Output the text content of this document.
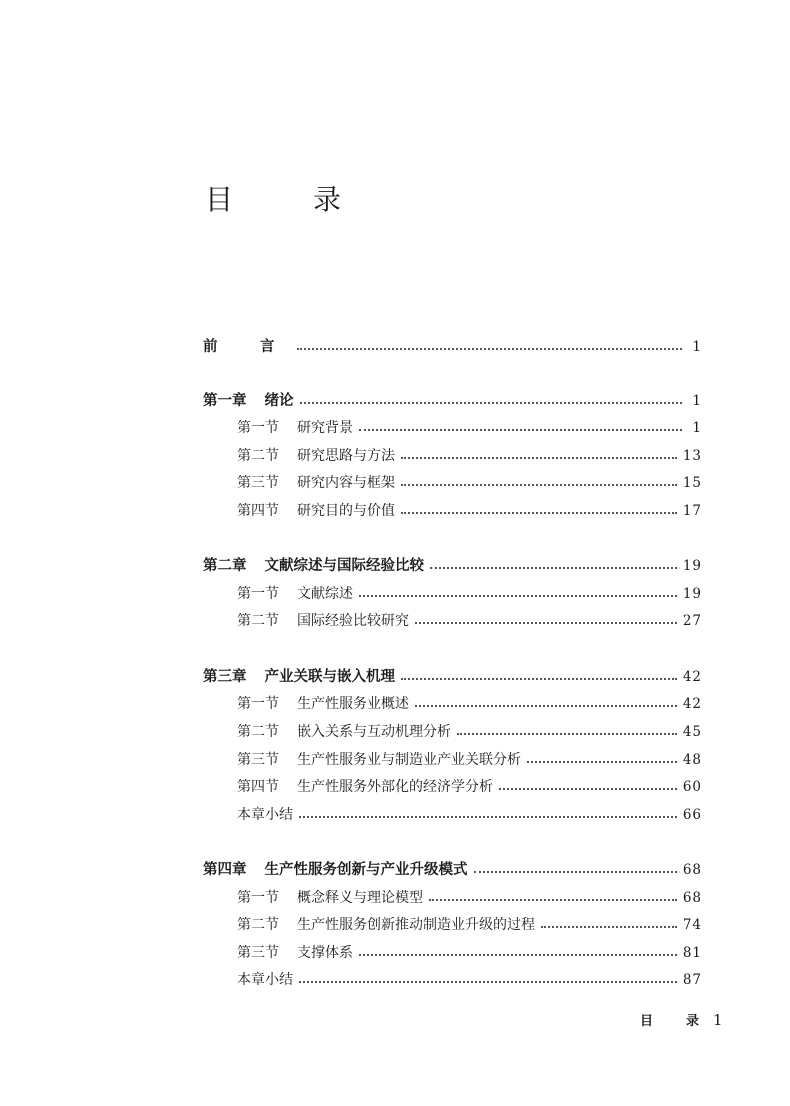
目　录
前　言	1
第一章 绪论	1
第一节 研究背景	1
第二节 研究思路与方法	13
第三节 研究内容与框架	15
第四节 研究目的与价值	17
第二章 文献综述与国际经验比较	19
第一节 文献综述	19
第二节 国际经验比较研究	27
第三章 产业关联与嵌入机理	42
第一节 生产性服务业概述	42
第二节 嵌入关系与互动机理分析	45
第三节 生产性服务业与制造业产业关联分析	48
第四节 生产性服务外部化的经济学分析	60
本章小结	66
第四章 生产性服务创新与产业升级模式	68
第一节 概念释义与理论模型	68
第二节 生产性服务创新推动制造业升级的过程	74
第三节 支撑体系	81
本章小结	87
目　录 1
